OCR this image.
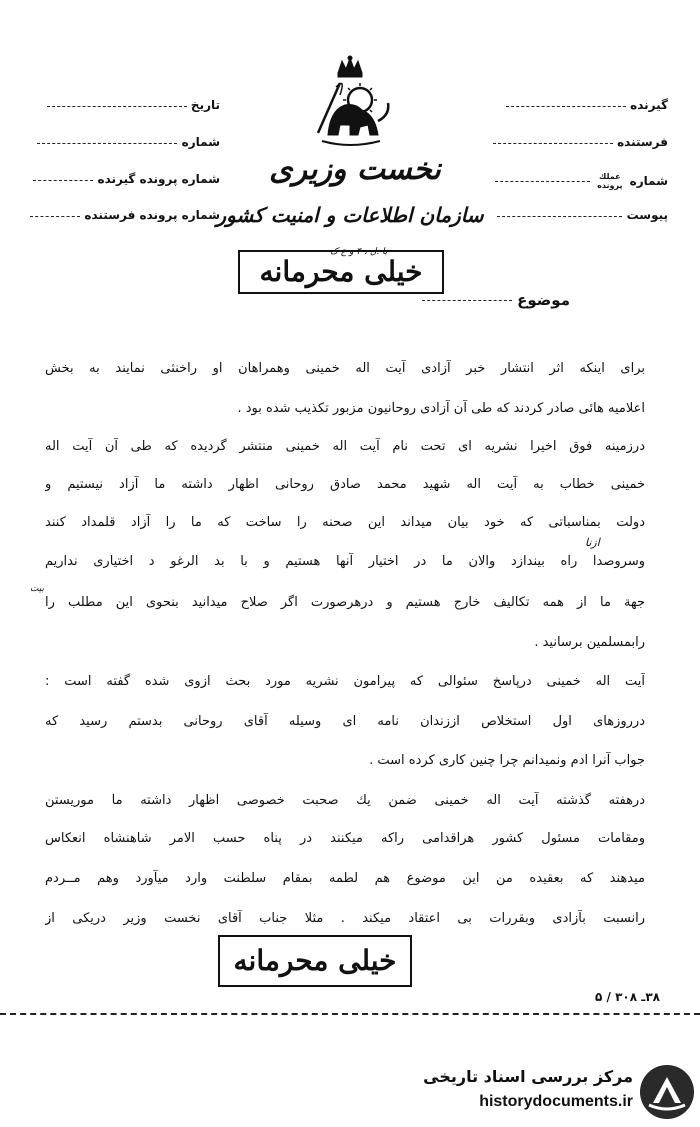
گیرنده
فرستنده
شماره
عملك
پرونده

پیوست
تاریخ
شماره
شماره پرونده گیرنده
شماره پرونده فرستنده
نخست وزیری
سازمان اطلاعات و امنیت کشور
خیلی محرمانه
با .ل ، ۴ و ع ک
موضوع
برای اینکه اثر انتشار خبر آزادی آیت اله خمینی وهمراهان او راخنثی نمایند به بخش
اعلامیه هائی صادر کردند که طی آن آزادی روحانیون مزبور تکذیب شده بود .
درزمینه فوق اخیرا نشریه ای تحت نام آیت اله خمینی منتشر گردیده که طی آن آیت اله
خمینی خطاب به آیت اله شهید محمد صادق روحانی اظهار داشته ما آزاد نیستیم و
دولت بمناسباتی که خود بیان میداند این صحنه را ساخت که ما را آزاد قلمداد کنند
وسروصدا راه بیندازد والان ما در اختیار آنها هستیم و با بد الرغو د اختیاری نداریم
جهة ما از همه تکالیف خارج هستیم و درهرصورت اگر صلاح میدانید بنحوی این مطلب را
رابمسلمین برسانید .
آیت اله خمینی درپاسخ سئوالی که پیرامون نشریه مورد بحث ازوی شده گفته است :
درروزهای اول استخلاص اززندان نامه ای وسیله آقای روحانی بدستم رسید که
جواب آنرا ادم ونمیدانم چرا چنین کاری کرده است .
درهفته گذشته آیت اله خمینی ضمن یك صحبت خصوصی اظهار داشته ما موریستن
ومقامات مسئول کشور هراقدامی راکه میکنند در پناه حسب الامر شاهنشاه انعکاس
میدهند که بعقیده من این موضوع هم لطمه بمقام سلطنت وارد میآورد وهم مــردم
رانسبت بآزادی وبقررات بی اعتقاد میکند . مثلا جناب آقای نخست وزیر دریکی از
ازنا
بیت
خیلی محرمانه
۳۸ـ ۳۰۸ / ۵
مرکز بررسی اسناد تاریخی
historydocuments.ir
